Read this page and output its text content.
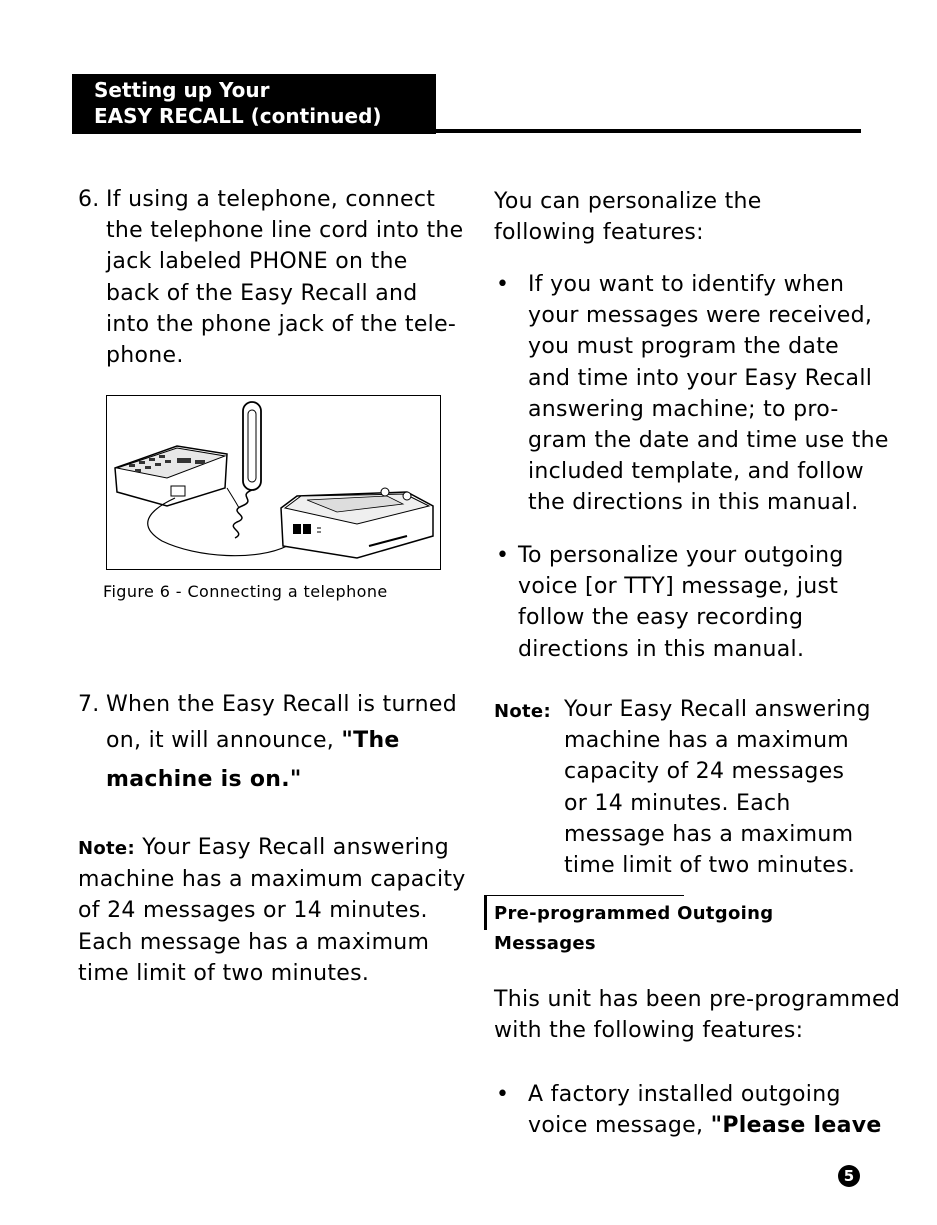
Setting up Your
EASY RECALL (continued)
6. If using a telephone, connect
the telephone line cord into the
jack labeled PHONE on the
back of the Easy Recall and
into the phone jack of the tele-
phone.
Figure 6 - Connecting a telephone
7. When the Easy Recall is turned
on, it will announce, "The
machine is on."
Note: Your Easy Recall answering
machine has a maximum capacity
of 24 messages or 14 minutes.
Each message has a maximum
time limit of two minutes.
You can personalize the
following features:
• If you want to identify when
your messages were received,
you must program the date
and time into your Easy Recall
answering machine; to pro-
gram the date and time use the
included template, and follow
the directions in this manual.
• To personalize your outgoing
voice [or TTY] message, just
follow the easy recording
directions in this manual.
Note: Your Easy Recall answering
machine has a maximum
capacity of 24 messages
or 14 minutes. Each
message has a maximum
time limit of two minutes.
Pre-programmed Outgoing
Messages
This unit has been pre-programmed
with the following features:
• A factory installed outgoing
voice message, "Please leave
5
